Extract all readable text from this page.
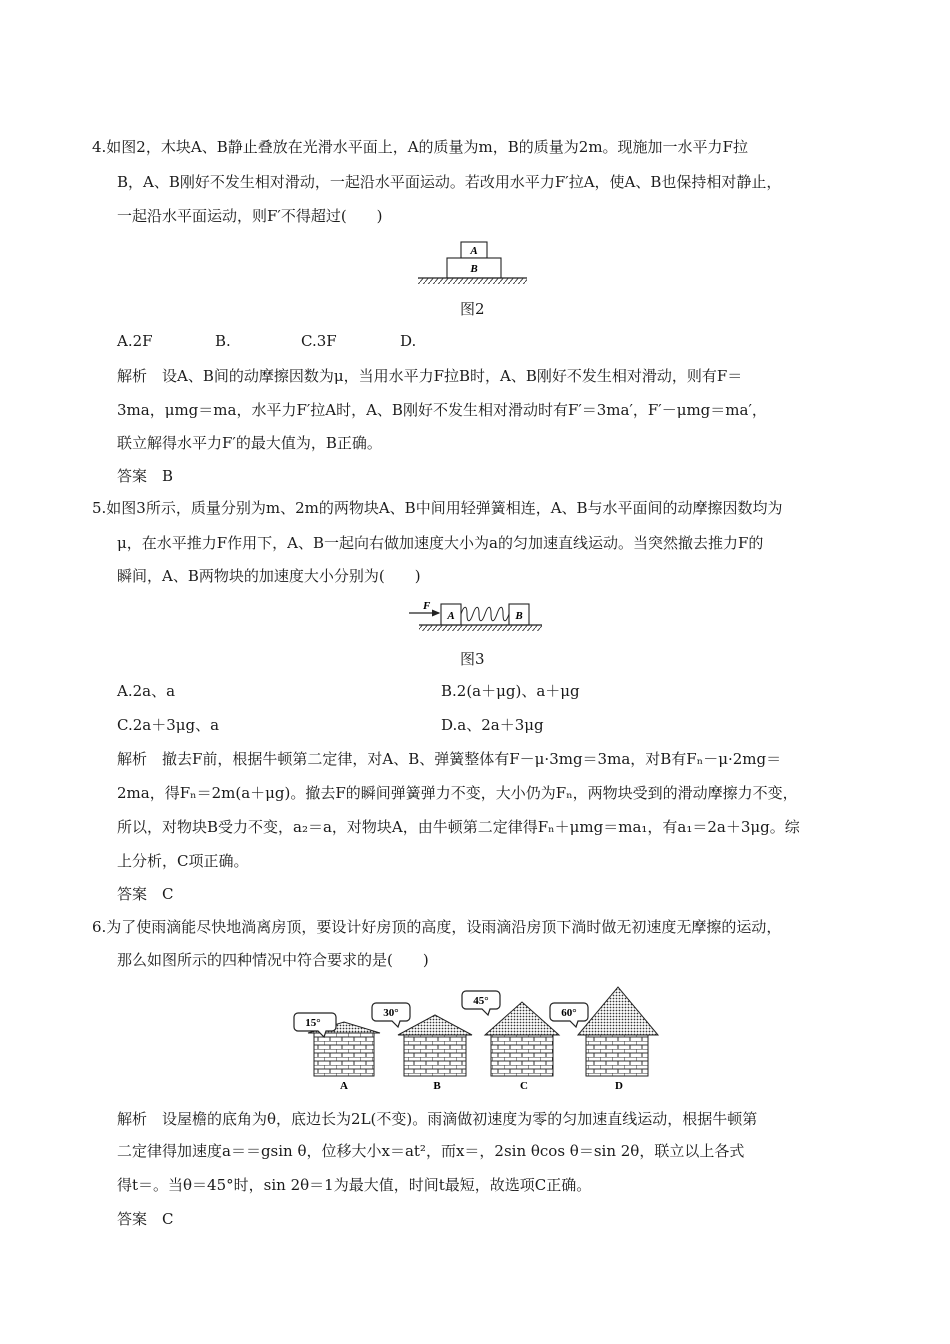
4.如图2，木块A、B静止叠放在光滑水平面上，A的质量为m，B的质量为2m。现施加一水平力F拉
B，A、B刚好不发生相对滑动，一起沿水平面运动。若改用水平力F′拉A，使A、B也保持相对静止，
一起沿水平面运动，则F′不得超过(　　)
A
B
图2
A.2F	B.	C.3F	D.
解析　设A、B间的动摩擦因数为μ，当用水平力F拉B时，A、B刚好不发生相对滑动，则有F＝
3ma，μmg＝ma，水平力F′拉A时，A、B刚好不发生相对滑动时有F′＝3ma′，F′－μmg＝ma′，
联立解得水平力F′的最大值为，B正确。
答案　B
5.如图3所示，质量分别为m、2m的两物块A、B中间用轻弹簧相连，A、B与水平面间的动摩擦因数均为
μ，在水平推力F作用下，A、B一起向右做加速度大小为a的匀加速直线运动。当突然撤去推力F的
瞬间，A、B两物块的加速度大小分别为(　　)
F
A	B
图3
A.2a、a	B.2(a＋μg)、a＋μg
C.2a＋3μg、a	D.a、2a＋3μg
解析　撤去F前，根据牛顿第二定律，对A、B、弹簧整体有F－μ·3mg＝3ma，对B有Fₙ－μ·2mg＝
2ma，得Fₙ＝2m(a＋μg)。撤去F的瞬间弹簧弹力不变，大小仍为Fₙ，两物块受到的滑动摩擦力不变，
所以，对物块B受力不变，a₂＝a，对物块A，由牛顿第二定律得Fₙ＋μmg＝ma₁，有a₁＝2a＋3μg。综
上分析，C项正确。
答案　C
6.为了使雨滴能尽快地淌离房顶，要设计好房顶的高度，设雨滴沿房顶下淌时做无初速度无摩擦的运动，
那么如图所示的四种情况中符合要求的是(　　)
15°
A
30°
B
45°
C
60°
D
解析　设屋檐的底角为θ，底边长为2L(不变)。雨滴做初速度为零的匀加速直线运动，根据牛顿第
二定律得加速度a＝＝gsin θ，位移大小x＝at²，而x＝，2sin θcos θ＝sin 2θ，联立以上各式
得t＝。当θ＝45°时，sin 2θ＝1为最大值，时间t最短，故选项C正确。
答案　C
